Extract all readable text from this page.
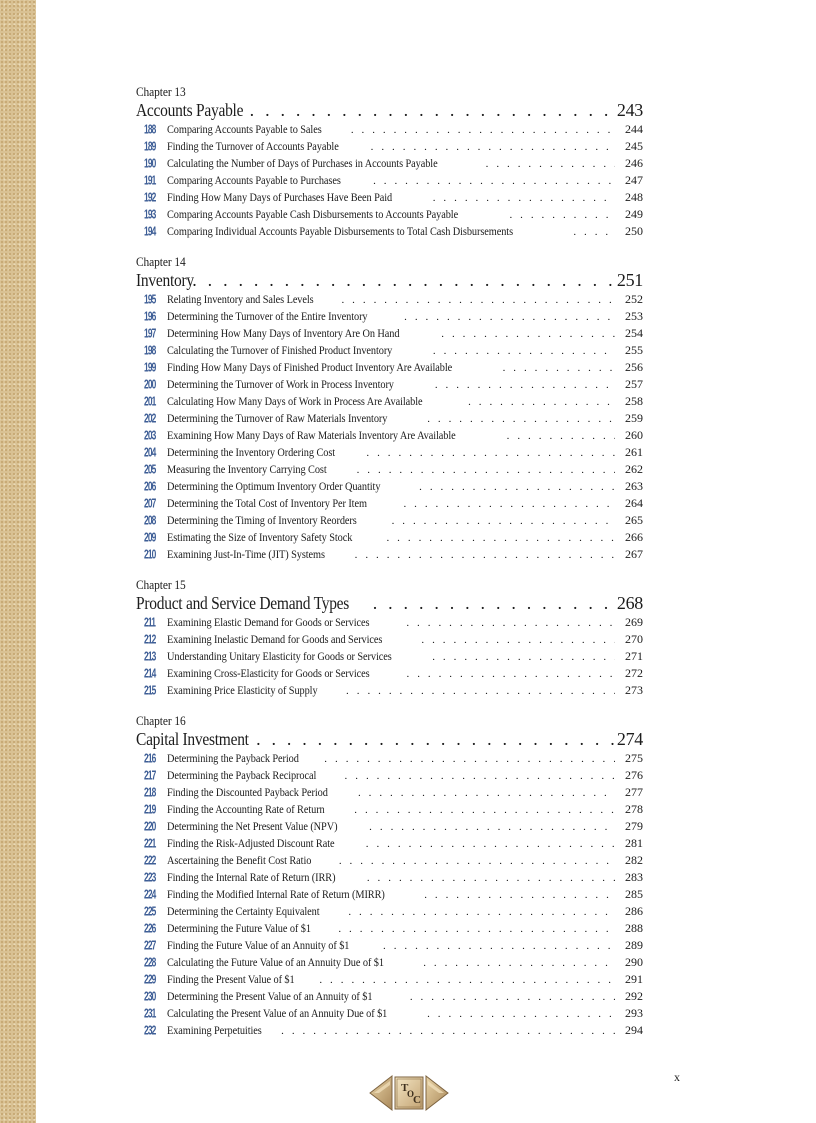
Chapter 13
Accounts Payable . . .	243
188 Comparing Accounts Payable to Sales . . .	244
189 Finding the Turnover of Accounts Payable . . .	245
190 Calculating the Number of Days of Purchases in Accounts Payable . . .	246
191 Comparing Accounts Payable to Purchases . . .	247
192 Finding How Many Days of Purchases Have Been Paid . . .	248
193 Comparing Accounts Payable Cash Disbursements to Accounts Payable . . .	249
194 Comparing Individual Accounts Payable Disbursements to Total Cash Disbursements . . .	250
Chapter 14
Inventory . . .	251
195 Relating Inventory and Sales Levels . . .	252
196 Determining the Turnover of the Entire Inventory . . .	253
197 Determining How Many Days of Inventory Are On Hand . . .	254
198 Calculating the Turnover of Finished Product Inventory . . .	255
199 Finding How Many Days of Finished Product Inventory Are Available . . .	256
200 Determining the Turnover of Work in Process Inventory . . .	257
201 Calculating How Many Days of Work in Process Are Available . . .	258
202 Determining the Turnover of Raw Materials Inventory . . .	259
203 Examining How Many Days of Raw Materials Inventory Are Available . . .	260
204 Determining the Inventory Ordering Cost . . .	261
205 Measuring the Inventory Carrying Cost . . .	262
206 Determining the Optimum Inventory Order Quantity . . .	263
207 Determining the Total Cost of Inventory Per Item . . .	264
208 Determining the Timing of Inventory Reorders . . .	265
209 Estimating the Size of Inventory Safety Stock . . .	266
210 Examining Just-In-Time (JIT) Systems . . .	267
Chapter 15
Product and Service Demand Types . . .	268
211 Examining Elastic Demand for Goods or Services . . .	269
212 Examining Inelastic Demand for Goods and Services . . .	270
213 Understanding Unitary Elasticity for Goods or Services . . .	271
214 Examining Cross-Elasticity for Goods or Services . . .	272
215 Examining Price Elasticity of Supply . . .	273
Chapter 16
Capital Investment . . .	274
216 Determining the Payback Period . . .	275
217 Determining the Payback Reciprocal . . .	276
218 Finding the Discounted Payback Period . . .	277
219 Finding the Accounting Rate of Return . . .	278
220 Determining the Net Present Value (NPV) . . .	279
221 Finding the Risk-Adjusted Discount Rate . . .	281
222 Ascertaining the Benefit Cost Ratio . . .	282
223 Finding the Internal Rate of Return (IRR) . . .	283
224 Finding the Modified Internal Rate of Return (MIRR) . . .	285
225 Determining the Certainty Equivalent . . .	286
226 Determining the Future Value of $1 . . .	288
227 Finding the Future Value of an Annuity of $1 . . .	289
228 Calculating the Future Value of an Annuity Due of $1 . . .	290
229 Finding the Present Value of $1 . . .	291
230 Determining the Present Value of an Annuity of $1 . . .	292
231 Calculating the Present Value of an Annuity Due of $1 . . .	293
232 Examining Perpetuities . . .	294
x
T
O
C
